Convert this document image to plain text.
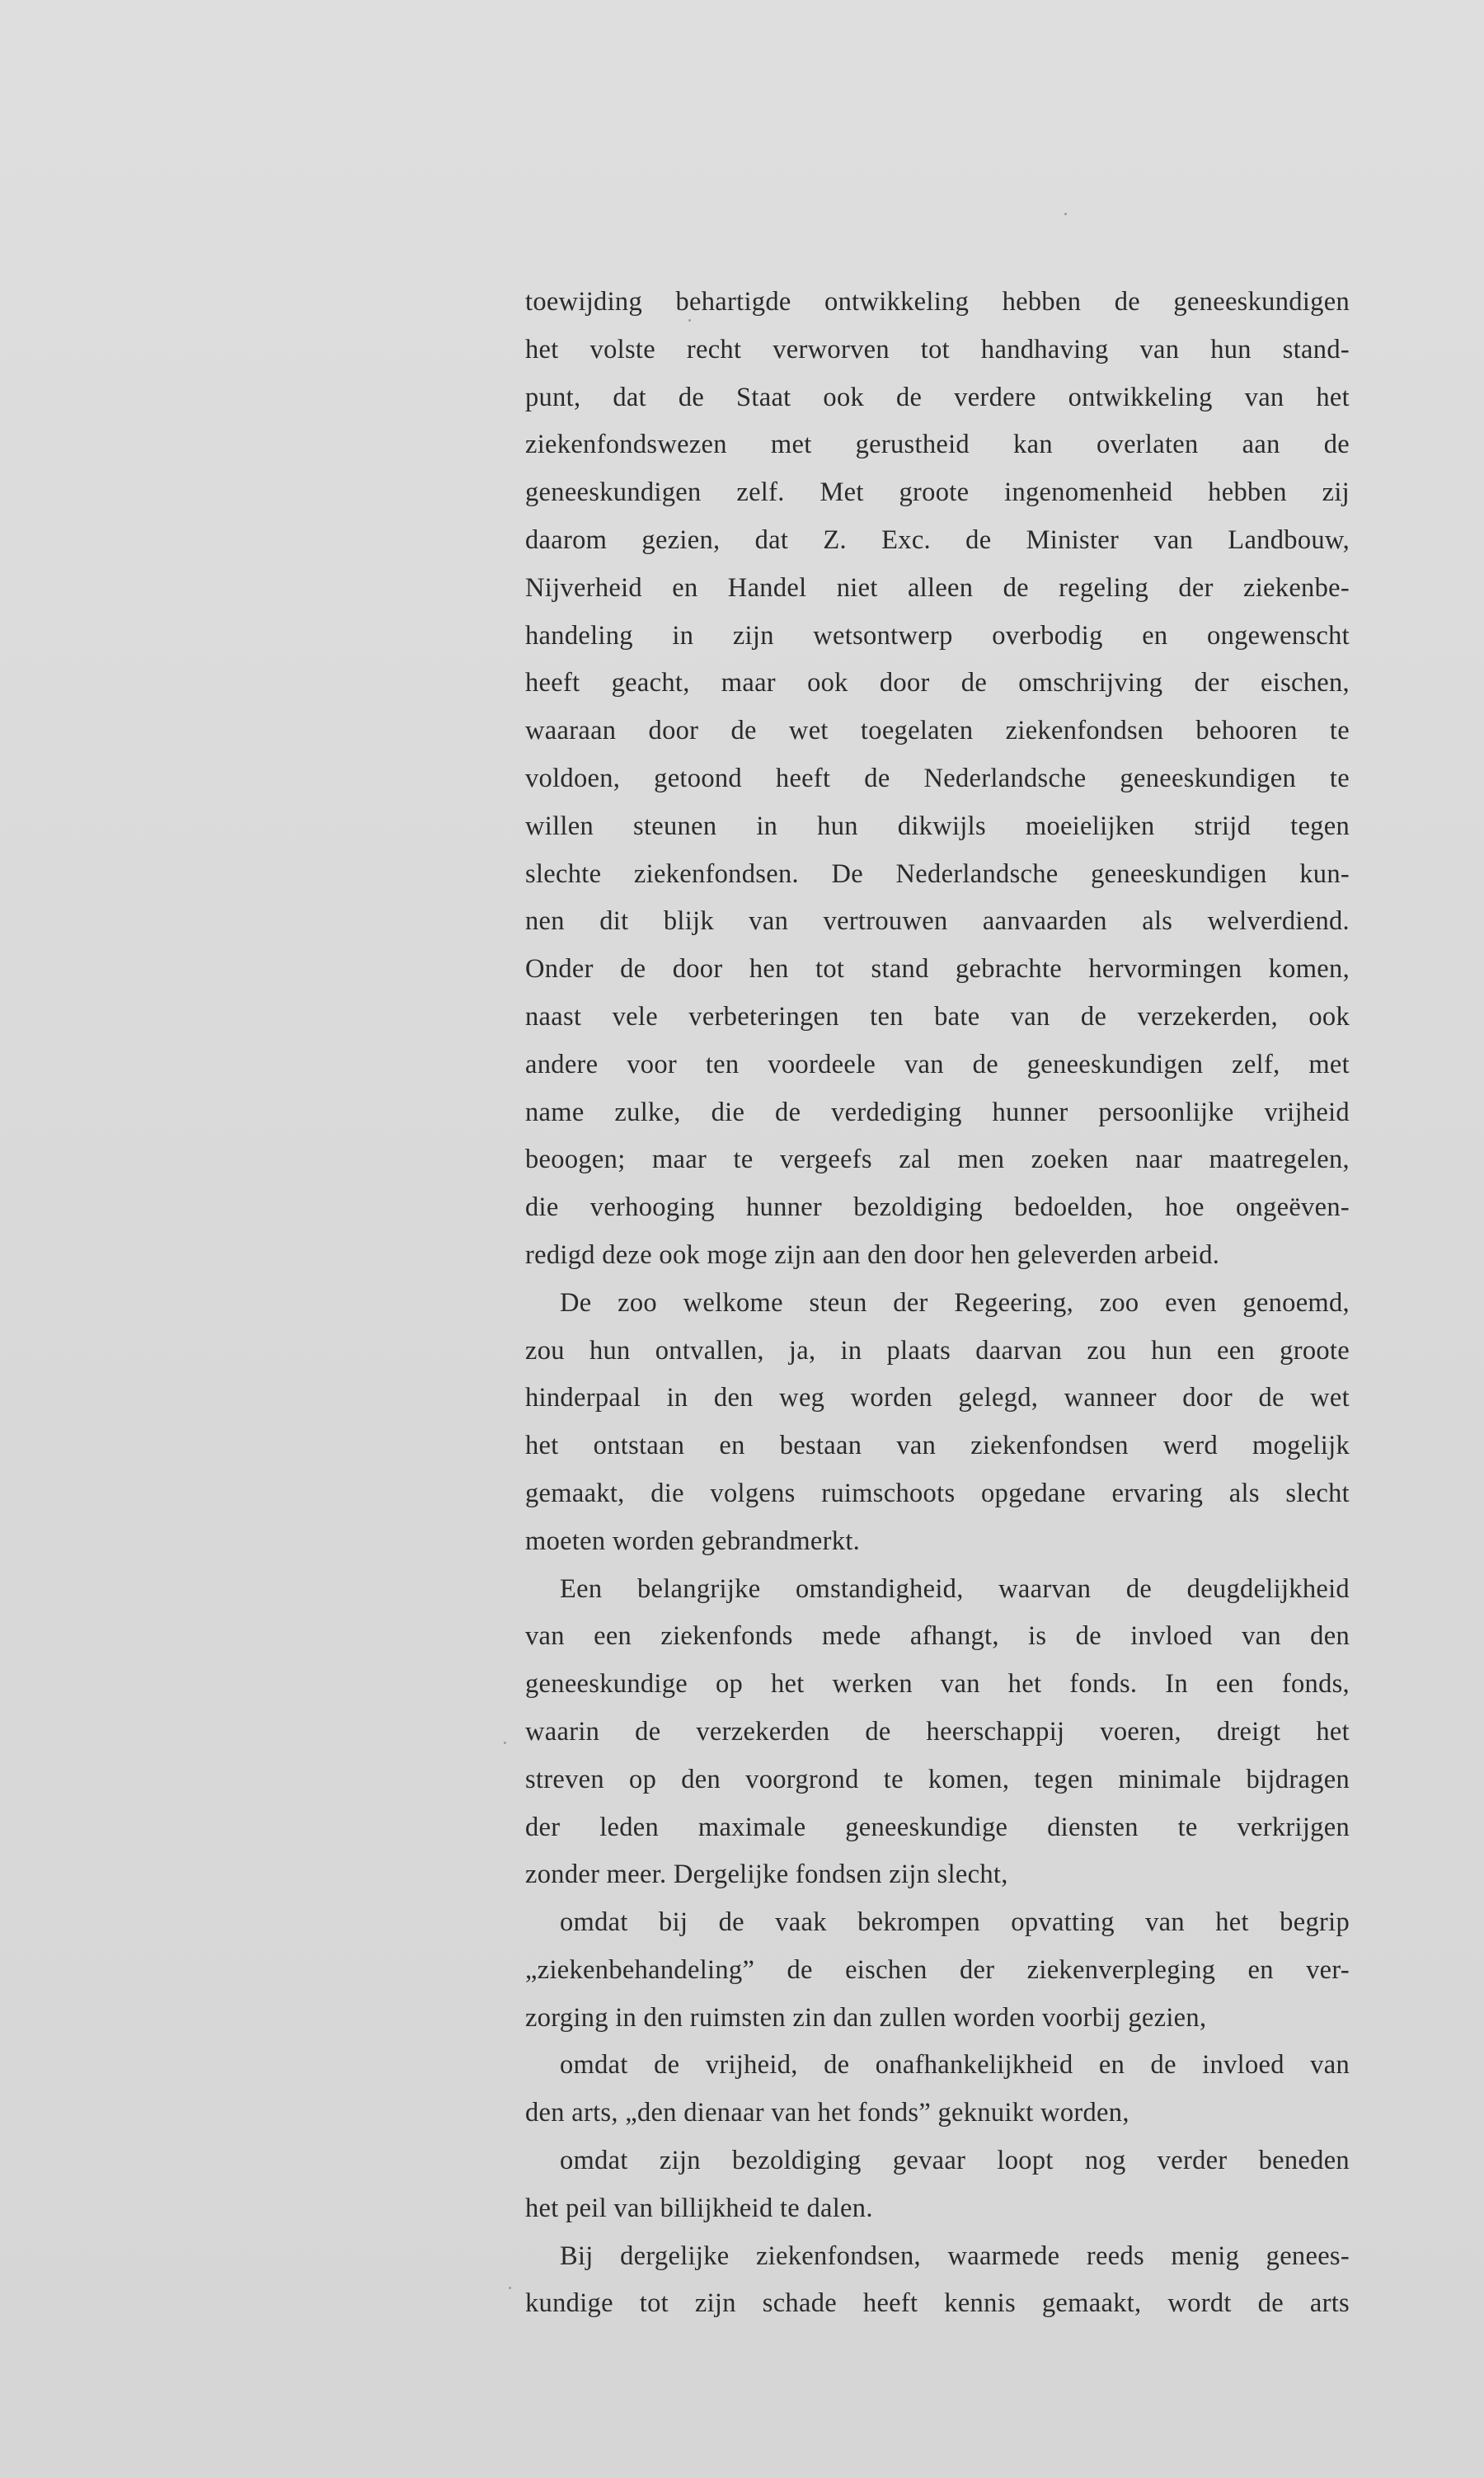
toewijding behartigde ontwikkeling hebben de geneeskundigen
het volste recht verworven tot handhaving van hun stand-
punt, dat de Staat ook de verdere ontwikkeling van het
ziekenfondswezen met gerustheid kan overlaten aan de
geneeskundigen zelf. Met groote ingenomenheid hebben zij
daarom gezien, dat Z. Exc. de Minister van Landbouw,
Nijverheid en Handel niet alleen de regeling der ziekenbe-
handeling in zijn wetsontwerp overbodig en ongewenscht
heeft geacht, maar ook door de omschrijving der eischen,
waaraan door de wet toegelaten ziekenfondsen behooren te
voldoen, getoond heeft de Nederlandsche geneeskundigen te
willen steunen in hun dikwijls moeielijken strijd tegen
slechte ziekenfondsen. De Nederlandsche geneeskundigen kun-
nen dit blijk van vertrouwen aanvaarden als welverdiend.
Onder de door hen tot stand gebrachte hervormingen komen,
naast vele verbeteringen ten bate van de verzekerden, ook
andere voor ten voordeele van de geneeskundigen zelf, met
name zulke, die de verdediging hunner persoonlijke vrijheid
beoogen; maar te vergeefs zal men zoeken naar maatregelen,
die verhooging hunner bezoldiging bedoelden, hoe ongeëven-
redigd deze ook moge zijn aan den door hen geleverden arbeid.
De zoo welkome steun der Regeering, zoo even genoemd,
zou hun ontvallen, ja, in plaats daarvan zou hun een groote
hinderpaal in den weg worden gelegd, wanneer door de wet
het ontstaan en bestaan van ziekenfondsen werd mogelijk
gemaakt, die volgens ruimschoots opgedane ervaring als slecht
moeten worden gebrandmerkt.
Een belangrijke omstandigheid, waarvan de deugdelijkheid
van een ziekenfonds mede afhangt, is de invloed van den
geneeskundige op het werken van het fonds. In een fonds,
waarin de verzekerden de heerschappij voeren, dreigt het
streven op den voorgrond te komen, tegen minimale bijdragen
der leden maximale geneeskundige diensten te verkrijgen
zonder meer. Dergelijke fondsen zijn slecht,
omdat bij de vaak bekrompen opvatting van het begrip
„ziekenbehandeling” de eischen der ziekenverpleging en ver-
zorging in den ruimsten zin dan zullen worden voorbij gezien,
omdat de vrijheid, de onafhankelijkheid en de invloed van
den arts, „den dienaar van het fonds” geknuikt worden,
omdat zijn bezoldiging gevaar loopt nog verder beneden
het peil van billijkheid te dalen.
Bij dergelijke ziekenfondsen, waarmede reeds menig genees-
kundige tot zijn schade heeft kennis gemaakt, wordt de arts
